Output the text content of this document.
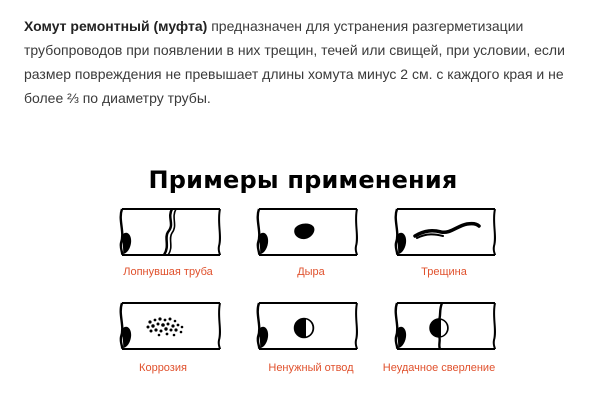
Хомут ремонтный (муфта) предназначен для устранения разгерметизации трубопроводов при появлении в них трещин, течей или свищей, при условии, если размер повреждения не превышает длины хомута минус 2 см. с каждого края и не более ⅔ по диаметру трубы.
Примеры применения
Лопнувшая труба	Дыра	Трещина
Коррозия	Ненужный отвод	Неудачное сверление
